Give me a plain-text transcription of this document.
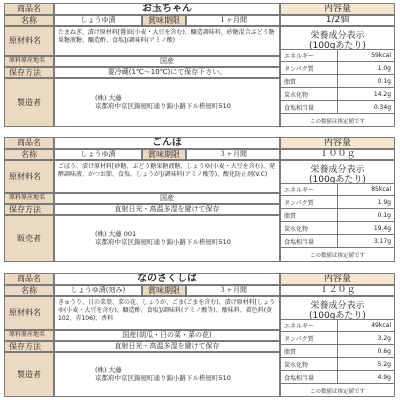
商品名	お玉ちゃん	内容量
名称	しょうゆ漬	賞味期限	１ヶ月間	1/2個
原材料名
たまねぎ、漬け原材料[醤油(小麦・大豆を含む)、醸造調味料、砂糖混合ぶどう糖果糖液糖、醸造酢、食塩]/調味料(アミノ酸)
原料原産地名	国産
保存方法	要冷蔵(1℃～10℃)にて保存下さい。
製造者	(株) 大藤
京都府中京区錦屋町通り錦小路下ル枡屋町510
栄養成分表示
(100gあたり)
エネルギー	59kcal
タンパク質	1.0g
脂質	0.1g
炭水化物	14.2g
食塩相当量	0.34g
この数値は推定値です
商品名	ごんぼ	内容量
名称	しょうゆ漬	賞味期限	３ヶ月間	１００ｇ
原材料名
ごぼう、漬け原材料[砂糖、ぶどう糖果糖液糖、しょうゆ(小麦・大豆を含む)、発酵調味液、かつお節、食塩、しょうが]/調味料(アミノ酸等)、酸化防止剤(V.C)
原料原産地名	国産
保存方法	直射日光・高温多湿を避けて保存
販売者	(株) 大藤 001
京都府中京区錦屋町通り錦小路下ル枡屋町510
栄養成分表示
(100gあたり)
エネルギー	85kcal
タンパク質	1.9g
脂質	0.1g
炭水化物	19.4g
食塩相当量	3.17g
この数値は推定値です
商品名	なのさくしば	内容量
名称	しょうゆ漬(刻み)	賞味期限	３ヶ月間	１２０ｇ
原材料名
きゅうり、日の菜葉、菜の花、しょうが、ごま(ごまを含む)、漬け原材料[しょうゆ(小麦・大豆を含む)、醸造酢、食塩]/調味料(アミノ酸等)、酸味料、着色料(黄102、赤106)、香料
原料原産地名	国産(胡瓜・日の菜・菜の花)
保存方法	直射日光・高温多湿を避けて保存
製造者	(株) 大藤
京都府中京区錦屋町通り錦小路下ル枡屋町510
栄養成分表示
(100gあたり)
エネルギー	49kcal
タンパク質	3.2g
脂質	0.6g
炭水化物	5.2g
食塩相当量	4.9g
この数値は推定値です
